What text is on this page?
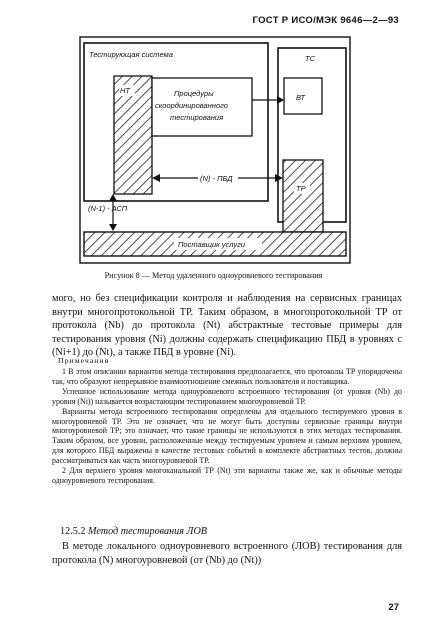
ГОСТ Р ИСО/МЭК 9646—2—93
Тестирующая система	ТС
НТ	Процедуры
скоординированного
тестирования
ВТ
ТР
(N) - ПБД
(N-1) - АСП
Поставщик услуги
Рисунок 8 — Метод удаленного одноуровневого тестирования
мого, но без спецификации контроля и наблюдения на сервисных границах внутри многопротокольной ТР. Таким образом, в многопротокольной ТР от протокола (Nb) до протокола (Nt) абстрактные тестовые примеры для тестирования уровня (Ni) должны содержать спецификацию ПБД в уровнях с (Ni+1) до (Nt), а также ПБД в уровне (Ni).
Примечания
1 В этом описании вариантов метода тестирования предполагается, что протоколы ТР упорядочены так, что образуют непрерывное взаимоотношение смежных пользователя и поставщика.
Успешное использование метода одноуровневого встроенного тестирования (от уровня (Nb) до уровня (Ni)) называется возрастающим тестированием многоуровневой ТР.
Варианты метода встроенного тестирования определены для отдельного тестируемого уровня в многоуровневой ТР. Это не означает, что не могут быть доступны сервисные границы внутри многоуровневой ТР; это означает, что такие границы не используются в этих методах тестирования. Таким образом, все уровни, расположенные между тестируемым уровнем и самым верхним уровнем, для которого ПБД выражены в качестве тестовых событий в комплекте абстрактных тестов, должны рассматриваться как часть многоуровневой ТР.
2 Для верхнего уровня многоканальной ТР (Nt) эти варианты также же, как и обычные методы одноуровневого тестирования.
12.5.2 Метод тестирования ЛОВ
В методе локального одноуровневого встроенного (ЛОВ) тестирования для протокола (N) многоуровневой (от (Nb) до (Nt))
27
